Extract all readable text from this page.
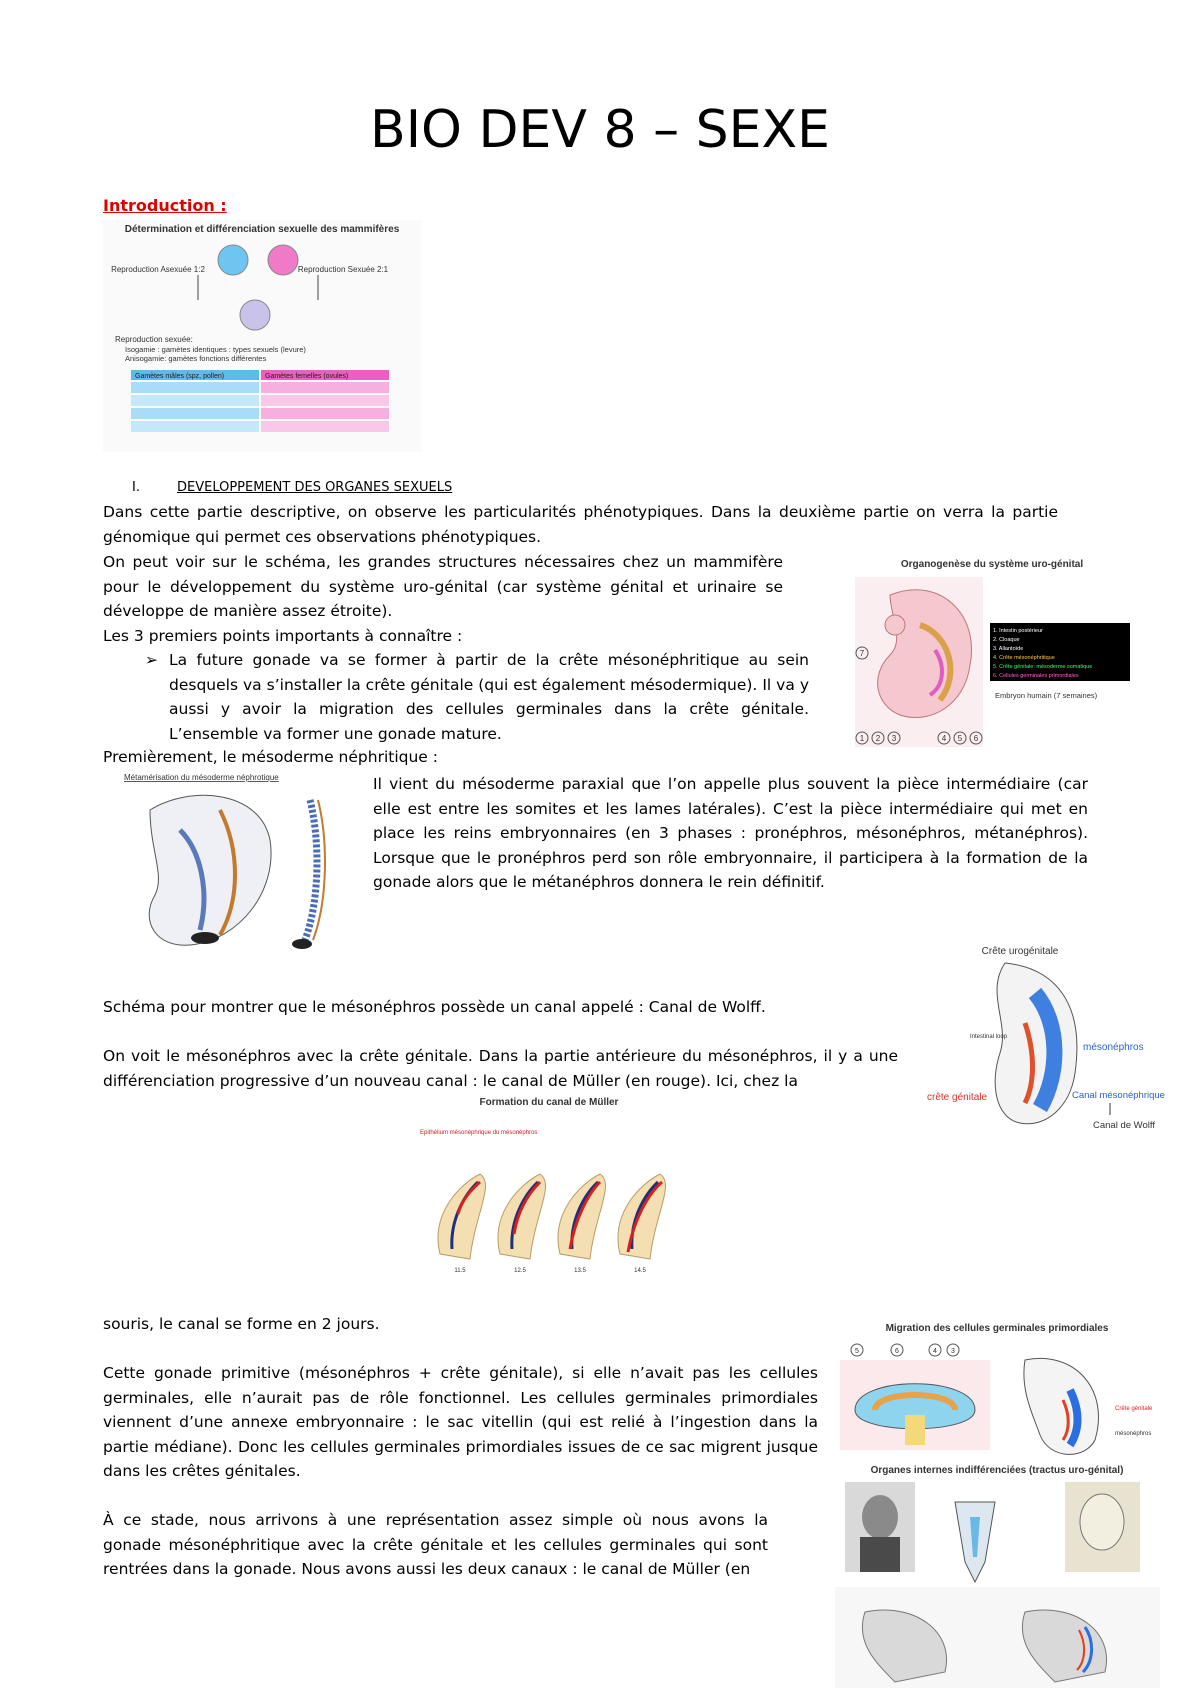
BIO DEV 8 – SEXE
Introduction :
Détermination et différenciation sexuelle des mammifères
Reproduction Asexuée 1:2	Reproduction Sexuée 2:1
Reproduction sexuée:
Isogamie : gamètes identiques : types sexuels (levure)
Anisogamie: gamètes fonctions différentes
Gamètes mâles (spz, pollen)	Gamètes femelles (ovules)
I.	DEVELOPPEMENT DES ORGANES SEXUELS
Dans cette partie descriptive, on observe les particularités phénotypiques. Dans la deuxième partie on verra la partie génomique qui permet ces observations phénotypiques.
On peut voir sur le schéma, les grandes structures nécessaires chez un mammifère pour le développement du système uro-génital (car système génital et urinaire se développe de manière assez étroite).
Les 3 premiers points importants à connaître :
➢ La future gonade va se former à partir de la crête mésonéphritique au sein desquels va s’installer la crête génitale (qui est également mésodermique). Il va y aussi y avoir la migration des cellules germinales dans la crête génitale. L’ensemble va former une gonade mature.
Organogenèse du système uro-génital
1 2 3	4 5 6
7
1. Intestin postérieur
2. Cloaque
3. Allantoïde
4. Crête mésonéphritique
5. Crête génitale: mésoderme somatique
6. Cellules germinales primordiales
Embryon humain (7 semaines)
Premièrement, le mésoderme néphritique :
Métamérisation du mésoderme néphrotique	Il vient du mésoderme paraxial que l’on appelle plus souvent la pièce intermédiaire (car elle est entre les somites et les lames latérales). C’est la pièce intermédiaire qui met en place les reins embryonnaires (en 3 phases : pronéphros, mésonéphros, métanéphros). Lorsque que le pronéphros perd son rôle embryonnaire, il participera à la formation de la gonade alors que le métanéphros donnera le rein définitif.
Crête urogénitale
Intestinal loop
mésonéphros
crête génitale	Canal mésonéphrique
Canal de Wolff
Schéma pour montrer que le mésonéphros possède un canal appelé : Canal de Wolff.
On voit le mésonéphros avec la crête génitale. Dans la partie antérieure du mésonéphros, il y a une différenciation progressive d’un nouveau canal : le canal de Müller (en rouge). Ici, chez la
Formation du canal de Müller
Epithélium mésonéphrique du mésonéphros
11.5	12.5	13.5	14.5
souris, le canal se forme en 2 jours.	Migration des cellules germinales primordiales
5	6	4 3
Crête génitale
mésonéphros
Organes internes indifférenciées (tractus uro-génital)
Cette gonade primitive (mésonéphros + crête génitale), si elle n’avait pas les cellules germinales, elle n’aurait pas de rôle fonctionnel. Les cellules germinales primordiales viennent d’une annexe embryonnaire : le sac vitellin (qui est relié à l’ingestion dans la partie médiane). Donc les cellules germinales primordiales issues de ce sac migrent jusque dans les crêtes génitales.
À ce stade, nous arrivons à une représentation assez simple où nous avons la gonade mésonéphritique avec la crête génitale et les cellules germinales qui sont rentrées dans la gonade. Nous avons aussi les deux canaux : le canal de Müller (en
